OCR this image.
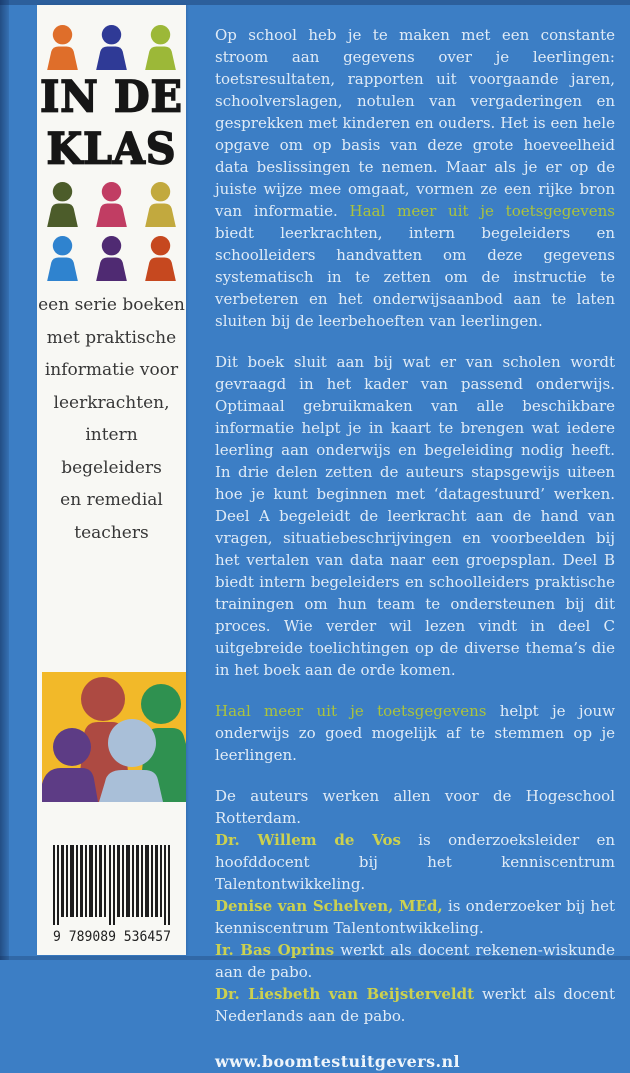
IN DE
KLAS
een serie boeken
met praktische
informatie voor
leerkrachten,
intern begeleiders
en remedial
teachers
9 789089 536457

Op school heb je te maken met een constante stroom aan gegevens over je leerlingen: toetsresultaten, rapporten uit voorgaande jaren, schoolverslagen, notulen van vergaderingen en gesprekken met kinderen en ouders. Het is een hele opgave om op basis van deze grote hoeveelheid data beslissingen te nemen. Maar als je er op de juiste wijze mee omgaat, vormen ze een rijke bron van informatie. Haal meer uit je toetsgegevens biedt leerkrachten, intern begeleiders en schoolleiders handvatten om deze gegevens systematisch in te zetten om de instructie te verbeteren en het onderwijsaanbod aan te laten sluiten bij de leerbehoeften van leerlingen.

Dit boek sluit aan bij wat er van scholen wordt gevraagd in het kader van passend onderwijs. Optimaal gebruikmaken van alle beschikbare informatie helpt je in kaart te brengen wat iedere leerling aan onderwijs en begeleiding nodig heeft. In drie delen zetten de auteurs stapsgewijs uiteen hoe je kunt beginnen met ‘datagestuurd’ werken. Deel A begeleidt de leerkracht aan de hand van vragen, situatiebeschrijvingen en voorbeelden bij het vertalen van data naar een groepsplan. Deel B biedt intern begeleiders en schoolleiders praktische trainingen om hun team te ondersteunen bij dit proces. Wie verder wil lezen vindt in deel C uitgebreide toelichtingen op de diverse thema’s die in het boek aan de orde komen.

Haal meer uit je toetsgegevens helpt je jouw onderwijs zo goed mogelijk af te stemmen op je leerlingen.

De auteurs werken allen voor de Hogeschool Rotterdam.
Dr. Willem de Vos is onderzoeksleider en hoofddocent bij het kenniscentrum Talentontwikkeling.
Denise van Schelven, MEd, is onderzoeker bij het kenniscentrum Talentontwikkeling.
Ir. Bas Oprins werkt als docent rekenen-wiskunde aan de pabo.
Dr. Liesbeth van Beijsterveldt werkt als docent Nederlands aan de pabo.
www.boomtestuitgevers.nl
